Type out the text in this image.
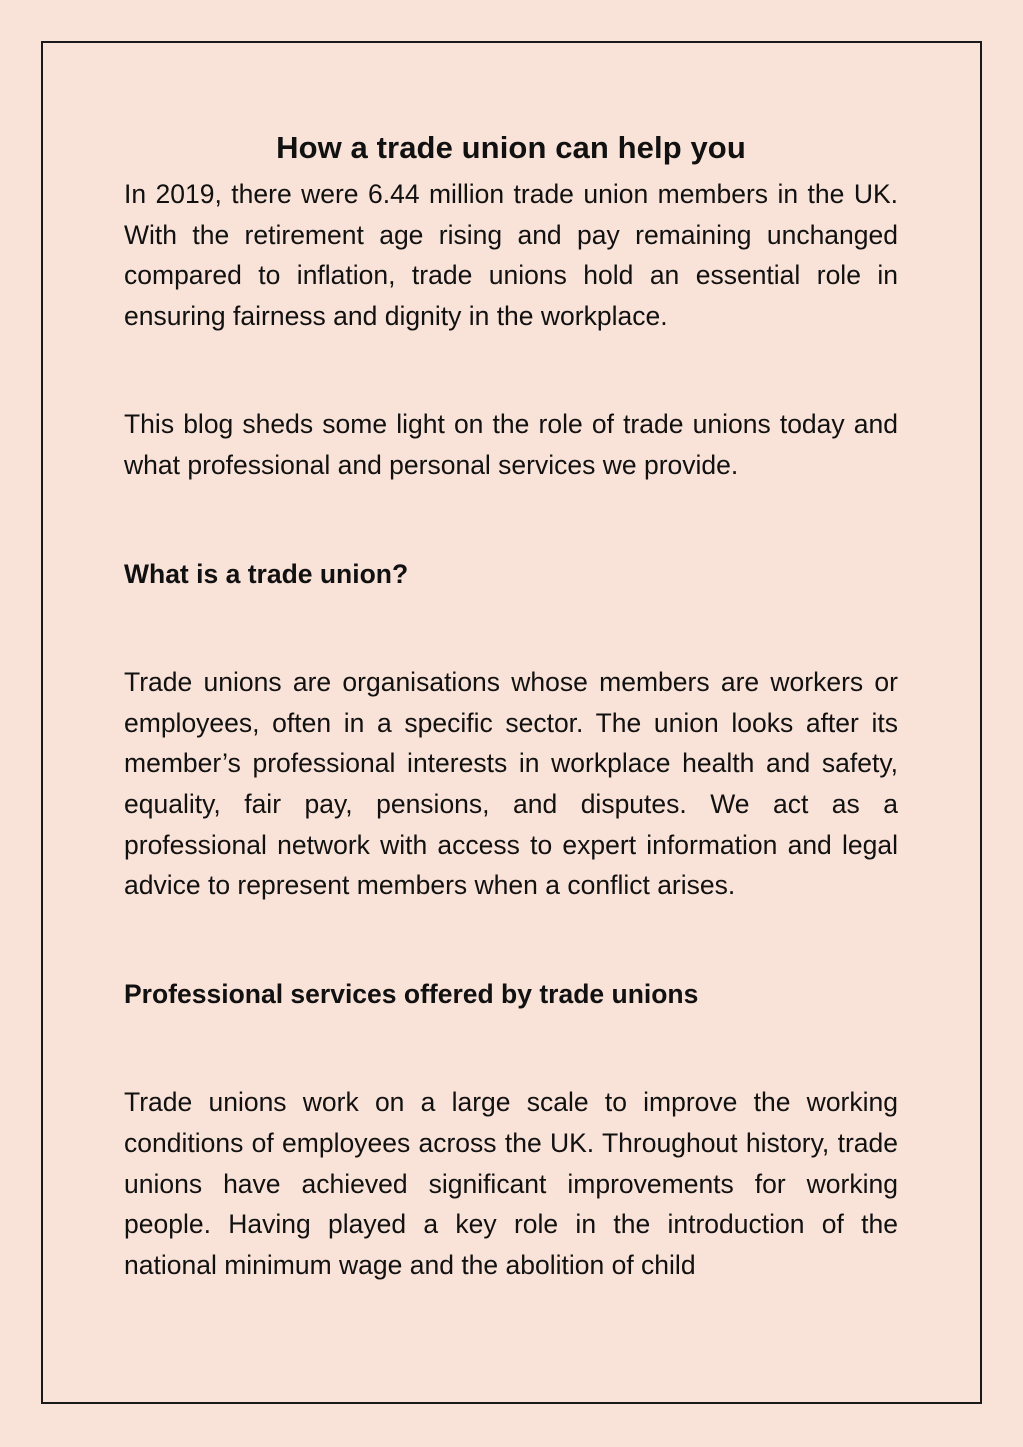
How a trade union can help you

In 2019, there were 6.44 million trade union members in the UK. With the retirement age rising and pay remaining unchanged compared to inflation, trade unions hold an essential role in ensuring fairness and dignity in the workplace.

This blog sheds some light on the role of trade unions today and what professional and personal services we provide.

What is a trade union?

Trade unions are organisations whose members are workers or employees, often in a specific sector. The union looks after its member’s professional interests in workplace health and safety, equality, fair pay, pensions, and disputes. We act as a professional network with access to expert information and legal advice to represent members when a conflict arises.

Professional services offered by trade unions

Trade unions work on a large scale to improve the working conditions of employees across the UK. Throughout history, trade unions have achieved significant improvements for working people. Having played a key role in the introduction of the national minimum wage and the abolition of child
